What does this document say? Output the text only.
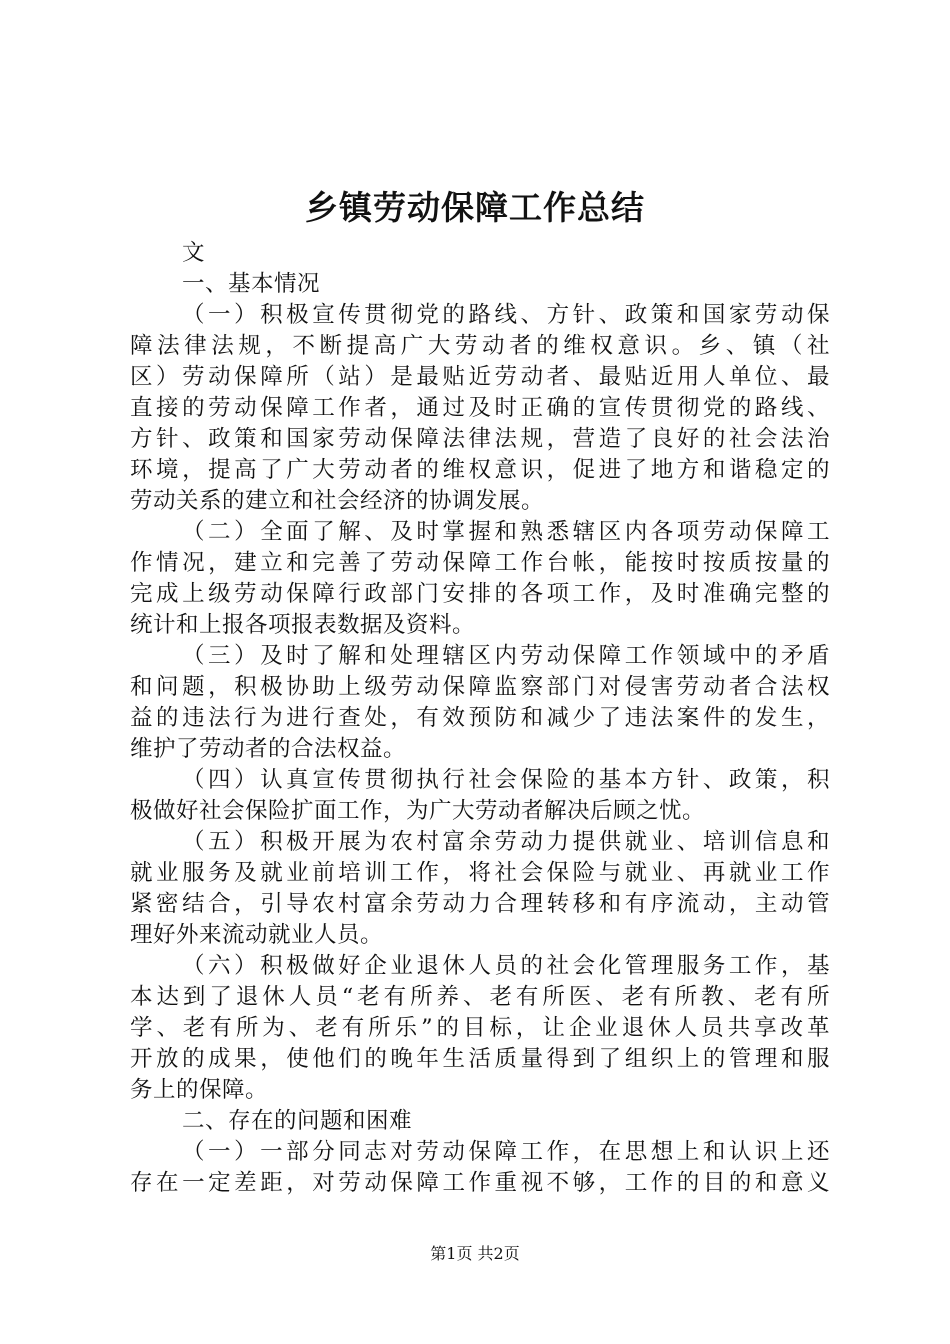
乡镇劳动保障工作总结
文
一、基本情况
（一）积极宣传贯彻党的路线、方针、政策和国家劳动保
障法律法规，不断提高广大劳动者的维权意识。乡、镇（社
区）劳动保障所（站）是最贴近劳动者、最贴近用人单位、最
直接的劳动保障工作者，通过及时正确的宣传贯彻党的路线、
方针、政策和国家劳动保障法律法规，营造了良好的社会法治
环境，提高了广大劳动者的维权意识，促进了地方和谐稳定的
劳动关系的建立和社会经济的协调发展。
（二）全面了解、及时掌握和熟悉辖区内各项劳动保障工
作情况，建立和完善了劳动保障工作台帐，能按时按质按量的
完成上级劳动保障行政部门安排的各项工作，及时准确完整的
统计和上报各项报表数据及资料。
（三）及时了解和处理辖区内劳动保障工作领域中的矛盾
和问题，积极协助上级劳动保障监察部门对侵害劳动者合法权
益的违法行为进行查处，有效预防和减少了违法案件的发生，
维护了劳动者的合法权益。
（四）认真宣传贯彻执行社会保险的基本方针、政策，积
极做好社会保险扩面工作，为广大劳动者解决后顾之忧。
（五）积极开展为农村富余劳动力提供就业、培训信息和
就业服务及就业前培训工作，将社会保险与就业、再就业工作
紧密结合，引导农村富余劳动力合理转移和有序流动，主动管
理好外来流动就业人员。
（六）积极做好企业退休人员的社会化管理服务工作，基
本达到了退休人员“老有所养、老有所医、老有所教、老有所
学、老有所为、老有所乐”的目标，让企业退休人员共享改革
开放的成果，使他们的晚年生活质量得到了组织上的管理和服
务上的保障。
二、存在的问题和困难
（一）一部分同志对劳动保障工作，在思想上和认识上还
存在一定差距，对劳动保障工作重视不够，工作的目的和意义
第1页 共2页
